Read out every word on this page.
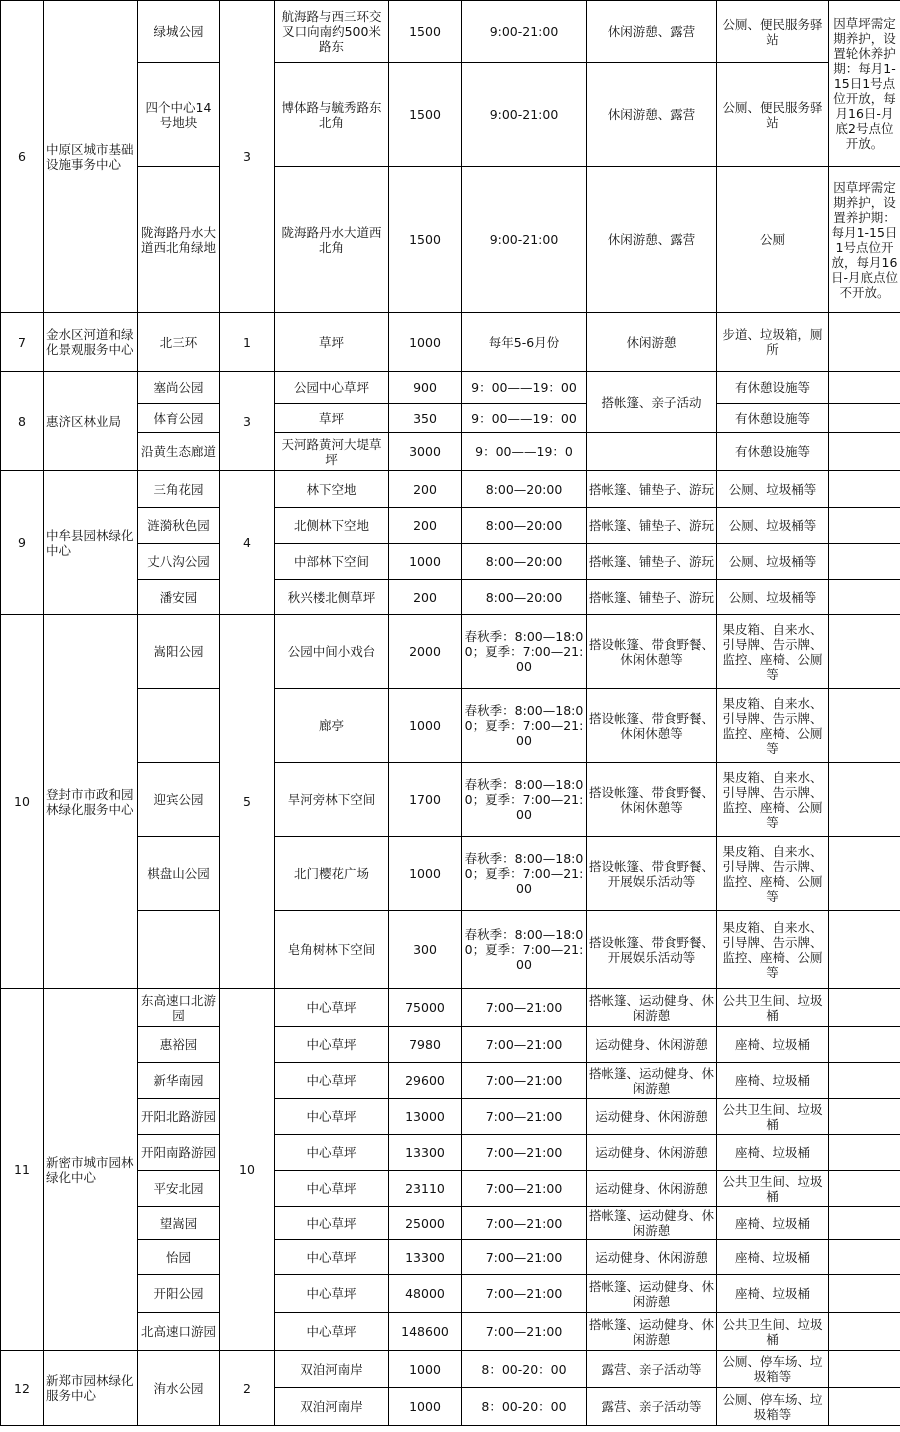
6	中原区城市基础设施事务中心	绿城公园	3	航海路与西三环交叉口向南约500米路东	1500	9:00-21:00	休闲游憩、露营	公厕、便民服务驿站	因草坪需定期养护，设置轮休养护期：每月1-15日1号点位开放，每月16日-月底2号点位开放。
		四个中心14号地块		博体路与毓秀路东北角	1500	9:00-21:00	休闲游憩、露营	公厕、便民服务驿站	
		陇海路丹水大道西北角绿地		陇海路丹水大道西北角	1500	9:00-21:00	休闲游憩、露营	公厕	因草坪需定期养护，设置养护期：每月1-15日1号点位开放，每月16日-月底点位不开放。
7	金水区河道和绿化景观服务中心	北三环	1	草坪	1000	每年5-6月份	休闲游憩	步道、垃圾箱，厕所	
8	惠济区林业局	塞尚公园	3	公园中心草坪	900	9：00——19：00	搭帐篷、亲子活动	有休憩设施等	
		体育公园		草坪	350	9：00——19：00		有休憩设施等	
		沿黄生态廊道		天河路黄河大堤草坪	3000	9：00——19：0		有休憩设施等	
9	中牟县园林绿化中心	三角花园	4	林下空地	200	8:00—20:00	搭帐篷、铺垫子、游玩	公厕、垃圾桶等	
		涟漪秋色园		北侧林下空地	200	8:00—20:00	搭帐篷、铺垫子、游玩	公厕、垃圾桶等	
		丈八沟公园		中部林下空间	1000	8:00—20:00	搭帐篷、铺垫子、游玩	公厕、垃圾桶等	
		潘安园		秋兴楼北侧草坪	200	8:00—20:00	搭帐篷、铺垫子、游玩	公厕、垃圾桶等	
10	登封市市政和园林绿化服务中心	嵩阳公园	5	公园中间小戏台	2000	春秋季：8:00—18:00；夏季：7:00—21:00	搭设帐篷、带食野餐、休闲休憩等	果皮箱、自来水、引导牌、告示牌、监控、座椅、公厕等	
				廊亭	1000	春秋季：8:00—18:00；夏季：7:00—21:00	搭设帐篷、带食野餐、休闲休憩等	果皮箱、自来水、引导牌、告示牌、监控、座椅、公厕等	
		迎宾公园		旱河旁林下空间	1700	春秋季：8:00—18:00；夏季：7:00—21:00	搭设帐篷、带食野餐、休闲休憩等	果皮箱、自来水、引导牌、告示牌、监控、座椅、公厕等	
		棋盘山公园		北门樱花广场	1000	春秋季：8:00—18:00；夏季：7:00—21:00	搭设帐篷、带食野餐、开展娱乐活动等	果皮箱、自来水、引导牌、告示牌、监控、座椅、公厕等	
				皂角树林下空间	300	春秋季：8:00—18:00；夏季：7:00—21:00	搭设帐篷、带食野餐、开展娱乐活动等	果皮箱、自来水、引导牌、告示牌、监控、座椅、公厕等	
11	新密市城市园林绿化中心	东高速口北游园	10	中心草坪	75000	7:00—21:00	搭帐篷、运动健身、休闲游憩	公共卫生间、垃圾桶	
		惠裕园		中心草坪	7980	7:00—21:00	运动健身、休闲游憩	座椅、垃圾桶	
		新华南园		中心草坪	29600	7:00—21:00	搭帐篷、运动健身、休闲游憩	座椅、垃圾桶	
		开阳北路游园		中心草坪	13000	7:00—21:00	运动健身、休闲游憩	公共卫生间、垃圾桶	
		开阳南路游园		中心草坪	13300	7:00—21:00	运动健身、休闲游憩	座椅、垃圾桶	
		平安北园		中心草坪	23110	7:00—21:00	运动健身、休闲游憩	公共卫生间、垃圾桶	
		望嵩园		中心草坪	25000	7:00—21:00	搭帐篷、运动健身、休闲游憩	座椅、垃圾桶	
		怡园		中心草坪	13300	7:00—21:00	运动健身、休闲游憩	座椅、垃圾桶	
		开阳公园		中心草坪	48000	7:00—21:00	搭帐篷、运动健身、休闲游憩	座椅、垃圾桶	
		北高速口游园		中心草坪	148600	7:00—21:00	搭帐篷、运动健身、休闲游憩	公共卫生间、垃圾桶	
12	新郑市园林绿化服务中心	洧水公园	2	双洎河南岸	1000	8：00-20：00	露营、亲子活动等	公厕、停车场、垃圾箱等	
				双洎河南岸	1000	8：00-20：00	露营、亲子活动等	公厕、停车场、垃圾箱等	
